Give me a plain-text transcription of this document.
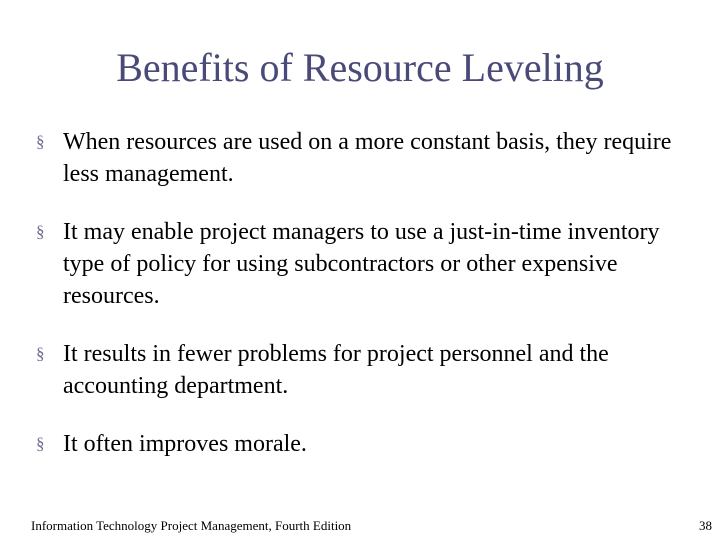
Benefits of Resource Leveling
§ When resources are used on a more constant basis, they require less management.
§ It may enable project managers to use a just-in-time inventory type of policy for using subcontractors or other expensive resources.
§ It results in fewer problems for project personnel and the accounting department.
§ It often improves morale.
Information Technology Project Management, Fourth Edition	38
